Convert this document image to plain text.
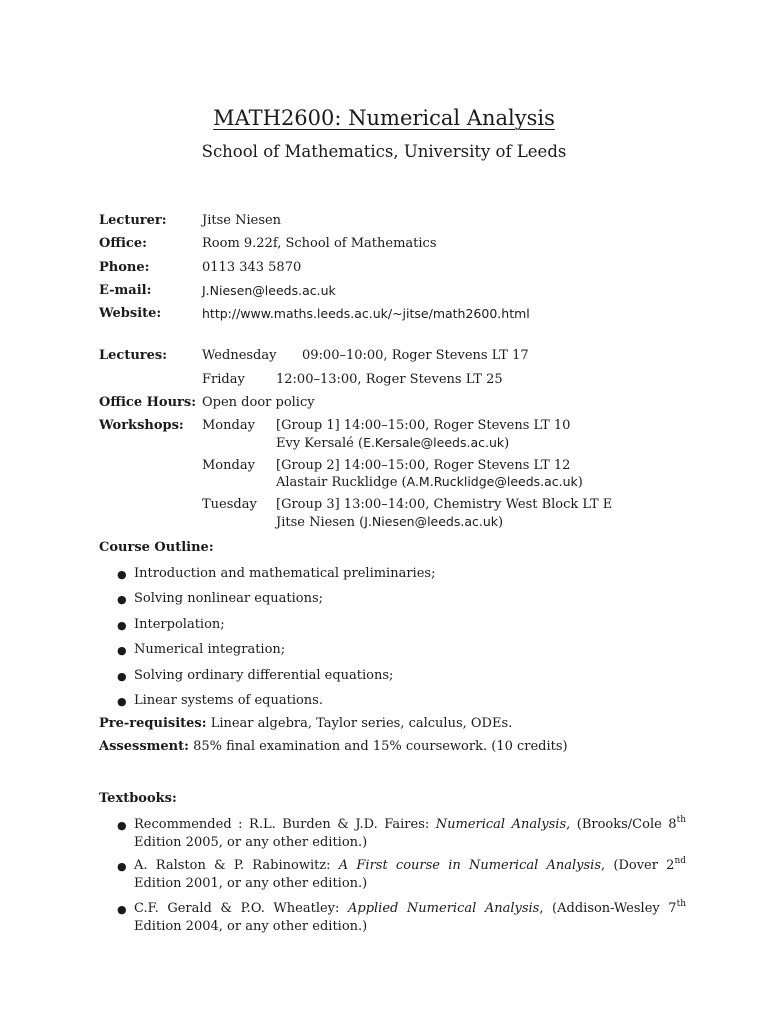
MATH2600: Numerical Analysis
School of Mathematics, University of Leeds
Lecturer:	Jitse Niesen
Office:	Room 9.22f, School of Mathematics
Phone:	0113 343 5870
E-mail:	J.Niesen@leeds.ac.uk
Website:	http://www.maths.leeds.ac.uk/~jitse/math2600.html
Lectures:	Wednesday 09:00–10:00, Roger Stevens LT 17
Friday 12:00–13:00, Roger Stevens LT 25
Office Hours: Open door policy
Workshops: Monday [Group 1] 14:00–15:00, Roger Stevens LT 10
Evy Kersalé (E.Kersale@leeds.ac.uk)
Monday [Group 2] 14:00–15:00, Roger Stevens LT 12
Alastair Rucklidge (A.M.Rucklidge@leeds.ac.uk)
Tuesday [Group 3] 13:00–14:00, Chemistry West Block LT E
Jitse Niesen (J.Niesen@leeds.ac.uk)
Course Outline:
● Introduction and mathematical preliminaries;
● Solving nonlinear equations;
● Interpolation;
● Numerical integration;
● Solving ordinary differential equations;
● Linear systems of equations.
Pre-requisites: Linear algebra, Taylor series, calculus, ODEs.
Assessment: 85% final examination and 15% coursework. (10 credits)
Textbooks:
● Recommended : R.L. Burden & J.D. Faires: Numerical Analysis, (Brooks/Cole 8th Edition 2005, or any other edition.)
● A. Ralston & P. Rabinowitz: A First course in Numerical Analysis, (Dover 2nd Edition 2001, or any other edition.)
● C.F. Gerald & P.O. Wheatley: Applied Numerical Analysis, (Addison-Wesley 7th Edition 2004, or any other edition.)
